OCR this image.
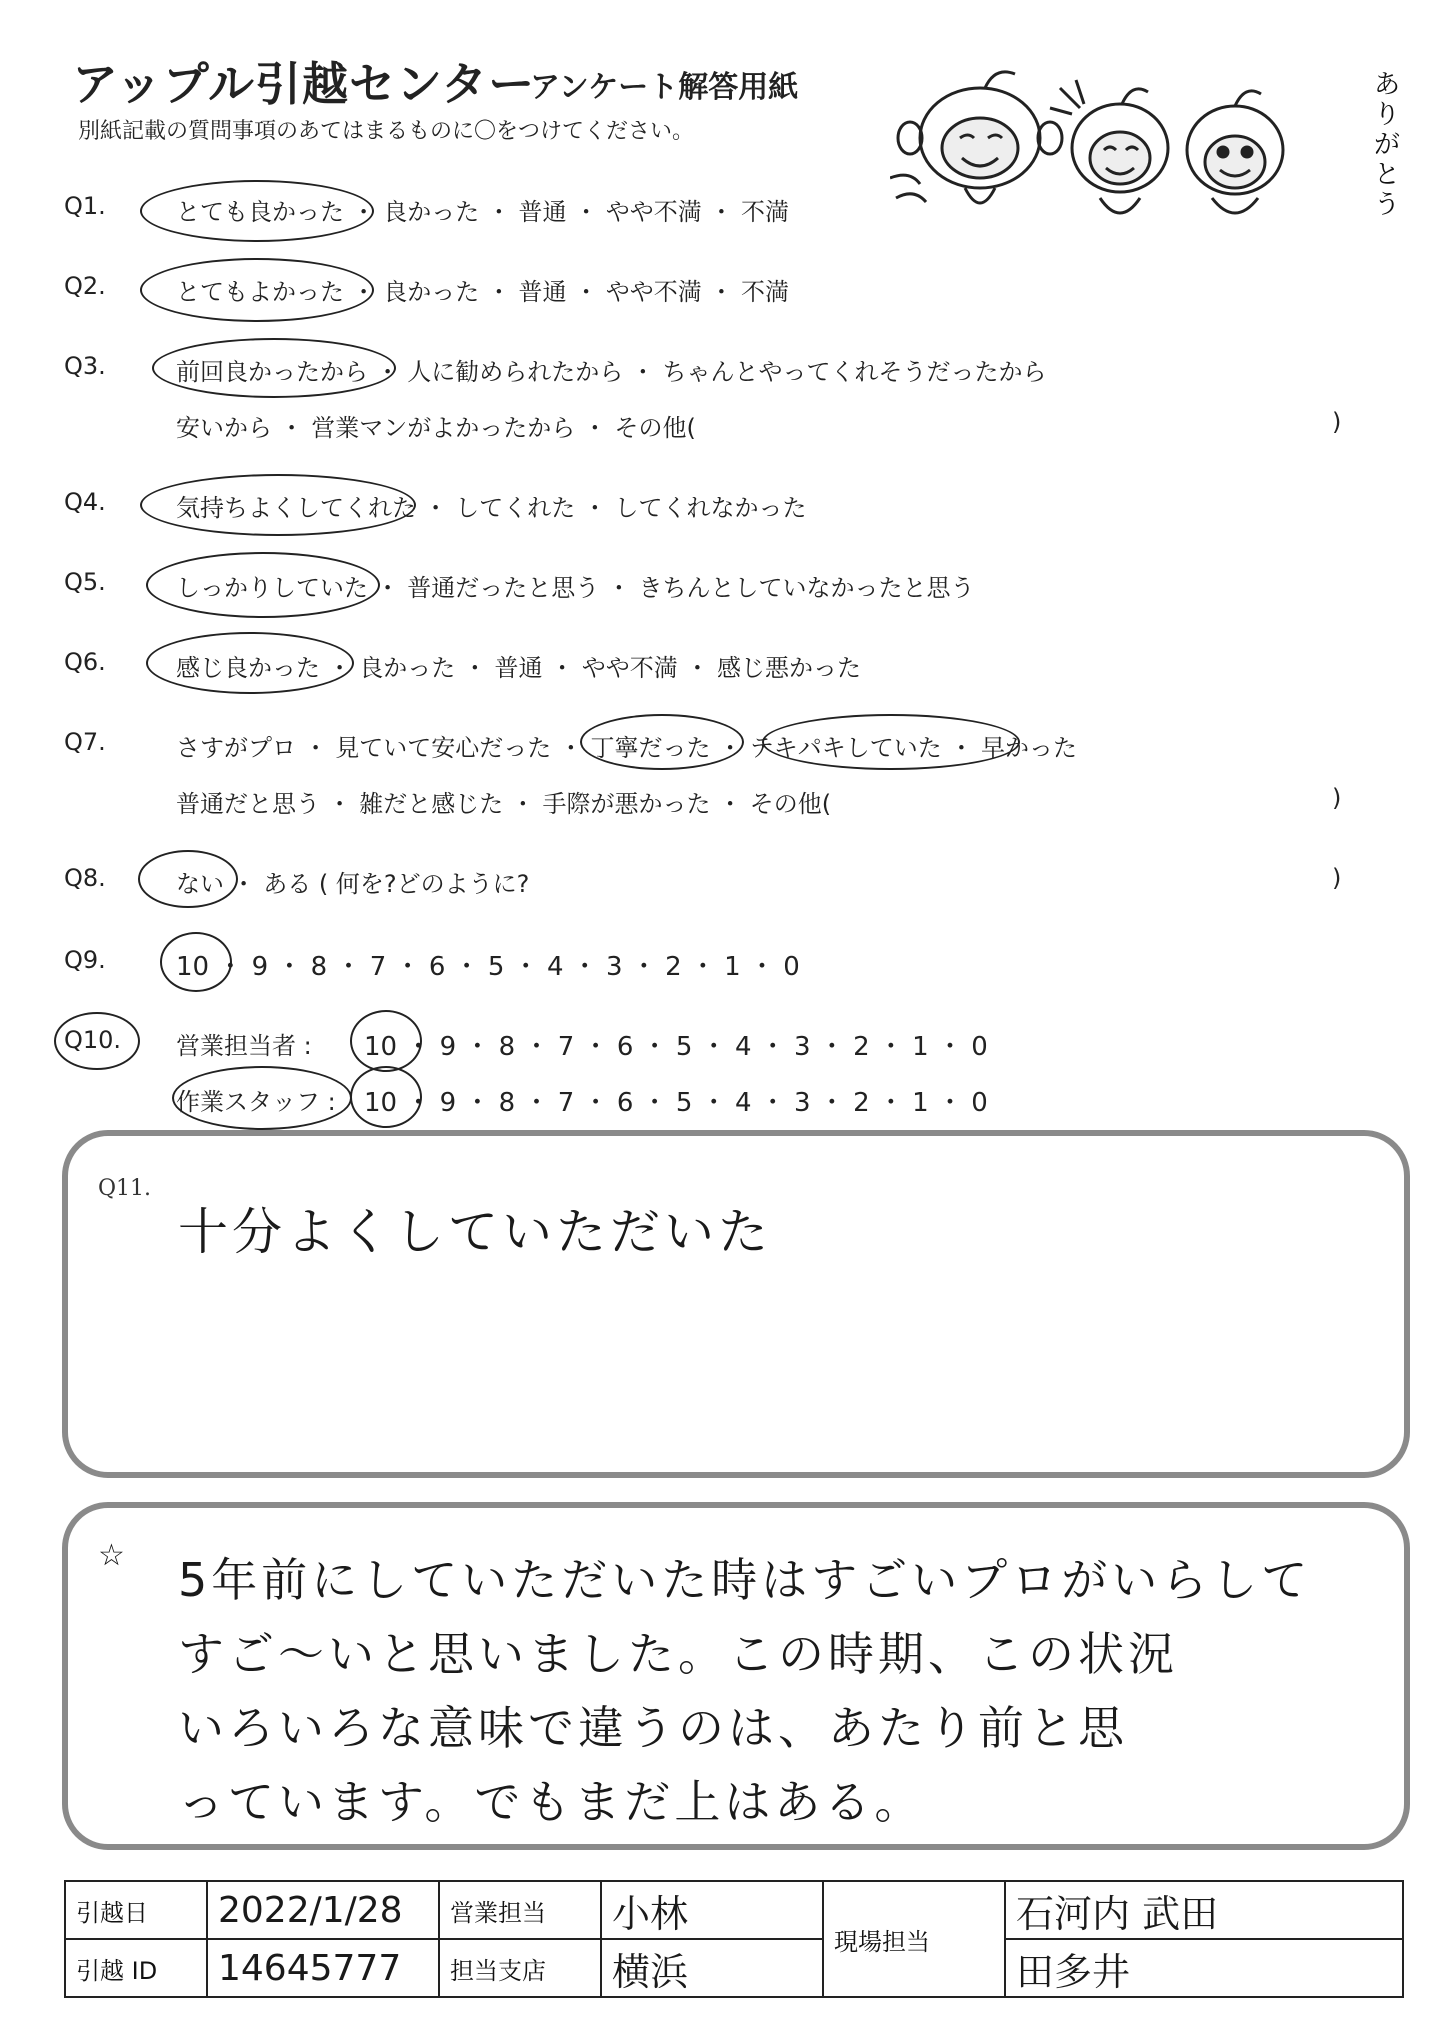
アップル引越センター
アンケート解答用紙
別紙記載の質問事項のあてはまるものに〇をつけてください。
ありがとう
Q1.	とても良かった ・ 良かった ・ 普通 ・ やや不満 ・ 不満
Q2.	とてもよかった ・ 良かった ・ 普通 ・ やや不満 ・ 不満
Q3.	前回良かったから ・ 人に勧められたから ・ ちゃんとやってくれそうだったから
安いから ・ 営業マンがよかったから ・ その他(	)
Q4.	気持ちよくしてくれた ・ してくれた ・ してくれなかった
Q5.	しっかりしていた ・ 普通だったと思う ・ きちんとしていなかったと思う
Q6.	感じ良かった ・ 良かった ・ 普通 ・ やや不満 ・ 感じ悪かった
Q7.	さすがプロ ・ 見ていて安心だった ・ 丁寧だった ・ テキパキしていた ・ 早かった
普通だと思う ・ 雑だと感じた ・ 手際が悪かった ・ その他(	)
Q8.	ない ・ ある ( 何を?どのように?	)
Q9.	10 ・ 9 ・ 8 ・ 7 ・ 6 ・ 5 ・ 4 ・ 3 ・ 2 ・ 1 ・ 0
Q10. 営業担当者 : 10 ・ 9 ・ 8 ・ 7 ・ 6 ・ 5 ・ 4 ・ 3 ・ 2 ・ 1 ・ 0
作業スタッフ : 10 ・ 9 ・ 8 ・ 7 ・ 6 ・ 5 ・ 4 ・ 3 ・ 2 ・ 1 ・ 0
Q11.
十分よくしていただいた
☆ 5年前にしていただいた時はすごいプロがいらして
すご〜いと思いました。この時期、この状況
いろいろな意味で違うのは、あたり前と思
っています。でもまだ上はある。
引越日	2022/1/28	営業担当	小林	現場担当	石河内 武田
引越 ID	14645777	担当支店	横浜		田多井
